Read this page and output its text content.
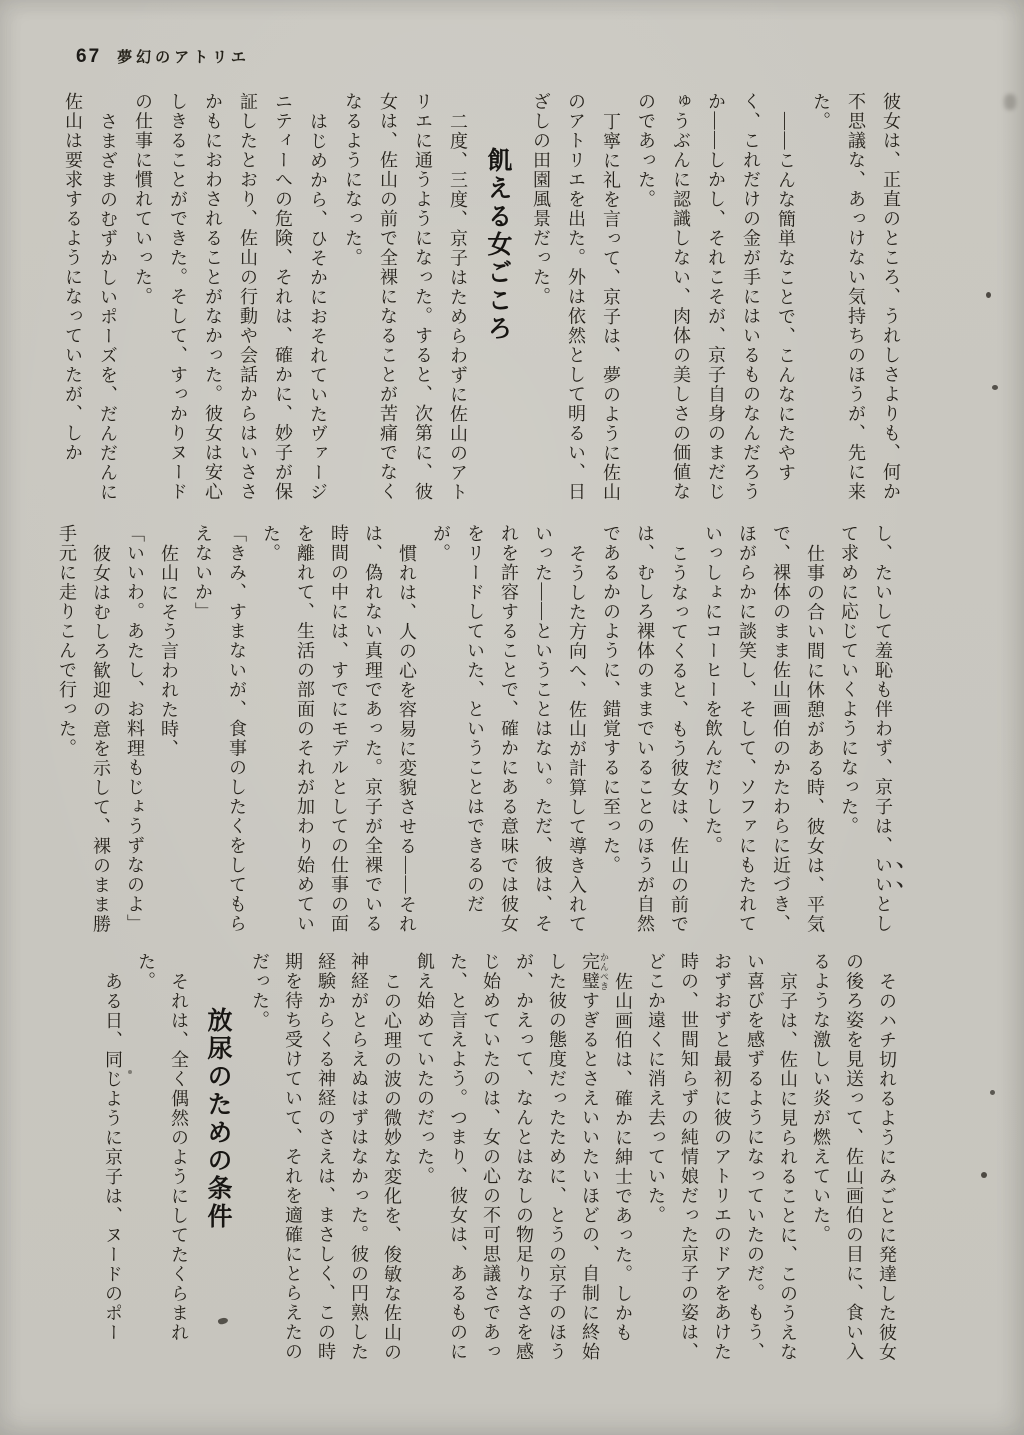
67 夢幻のアトリエ

彼女は、正直のところ、うれしさよりも、何か不思議な、あっけない気持ちのほうが、先に来た。

――こんな簡単なことで、こんなにたやすく、これだけの金が手にはいるものなんだろうか――しかし、それこそが、京子自身のまだじゅうぶんに認識しない、肉体の美しさの価値なのであった。

丁寧に礼を言って、京子は、夢のように佐山のアトリエを出た。外は依然として明るい、日ざしの田園風景だった。

飢える女ごころ

二度、三度、京子はためらわずに佐山のアトリエに通うようになった。すると、次第に、彼女は、佐山の前で全裸になることが苦痛でなくなるようになった。

はじめから、ひそかにおそれていたヴァージニティーへの危険、それは、確かに、妙子が保証したとおり、佐山の行動や会話からはいささかもにおわされることがなかった。彼女は安心しきることができた。そして、すっかりヌードの仕事に慣れていった。

さまざまのむずかしいポーズを、だんだんに佐山は要求するようになっていたが、しか

し、たいして羞恥も伴わず、京子は、いいとして求めに応じていくようになった。

仕事の合い間に休憩がある時、彼女は、平気で、裸体のまま佐山画伯のかたわらに近づき、ほがらかに談笑し、そして、ソファにもたれていっしょにコーヒーを飲んだりした。

こうなってくると、もう彼女は、佐山の前では、むしろ裸体のままでいることのほうが自然であるかのように、錯覚するに至った。

そうした方向へ、佐山が計算して導き入れていった――ということはない。ただ、彼は、それを許容することで、確かにある意味では彼女をリードしていた、ということはできるのだが。

慣れは、人の心を容易に変貌させる――それは、偽れない真理であった。京子が全裸でいる時間の中には、すでにモデルとしての仕事の面を離れて、生活の部面のそれが加わり始めていた。

「きみ、すまないが、食事のしたくをしてもらえないか」

佐山にそう言われた時、

「いいわ。あたし、お料理もじょうずなのよ」

彼女はむしろ歓迎の意を示して、裸のまま勝手元に走りこんで行った。

そのハチ切れるようにみごとに発達した彼女の後ろ姿を見送って、佐山画伯の目に、食い入るような激しい炎が燃えていた。

京子は、佐山に見られることに、このうえない喜びを感ずるようになっていたのだ。もう、おずおずと最初に彼のアトリエのドアをあけた時の、世間知らずの純情娘だった京子の姿は、どこか遠くに消え去っていた。

佐山画伯は、確かに紳士であった。しかも完璧 かんぺきすぎるとさえいいたいほどの、自制に終始した彼の態度だったために、とうの京子のほうが、かえって、なんとはなしの物足りなさを感じ始めていたのは、女の心の不可思議さであった、と言えよう。つまり、彼女は、あるものに飢え始めていたのだった。

この心理の波の微妙な変化を、俊敏な佐山の神経がとらえぬはずはなかった。彼の円熟した経験からくる神経のさえは、まさしく、この時期を待ち受けていて、それを適確にとらえたのだった。

放尿のための条件

それは、全く偶然のようにしてたくらまれた。

ある日、同じように京子は、ヌードのポー
